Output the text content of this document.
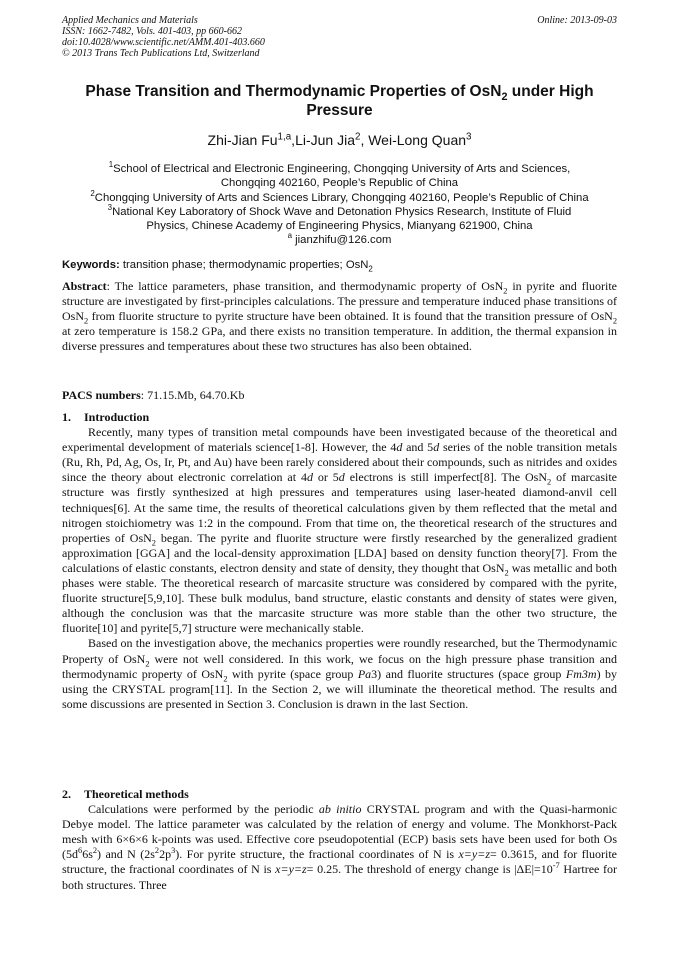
Applied Mechanics and Materials
ISSN: 1662-7482, Vols. 401-403, pp 660-662
doi:10.4028/www.scientific.net/AMM.401-403.660
© 2013 Trans Tech Publications Ltd, Switzerland
Online: 2013-09-03
Phase Transition and Thermodynamic Properties of OsN$_2$ under High Pressure
Zhi-Jian Fu$^{1,a}$,Li-Jun Jia$^2$, Wei-Long Quan$^3$
$^1$School of Electrical and Electronic Engineering, Chongqing University of Arts and Sciences,
Chongqing 402160, People’s Republic of China
$^2$Chongqing University of Arts and Sciences Library, Chongqing 402160, People’s Republic of China
$^3$National Key Laboratory of Shock Wave and Detonation Physics Research, Institute of Fluid
Physics, Chinese Academy of Engineering Physics, Mianyang 621900, China
$^a$ jianzhifu@126.com
Keywords: transition phase; thermodynamic properties; OsN$_2$
Abstract: The lattice parameters, phase transition, and thermodynamic property of OsN$_2$ in pyrite and fluorite structure are investigated by first-principles calculations. The pressure and temperature induced phase transitions of OsN$_2$ from fluorite structure to pyrite structure have been obtained. It is found that the transition pressure of OsN$_2$ at zero temperature is 158.2 GPa, and there exists no transition temperature. In addition, the thermal expansion in diverse pressures and temperatures about these two structures has also been obtained.
PACS numbers: 71.15.Mb, 64.70.Kb
1. Introduction

Recently, many types of transition metal compounds have been investigated because of the theoretical and experimental development of materials science[1-8]. However, the 4d and 5d series of the noble transition metals (Ru, Rh, Pd, Ag, Os, Ir, Pt, and Au) have been rarely considered about their compounds, such as nitrides and oxides since the theory about electronic correlation at 4d or 5d electrons is still imperfect[8]. The OsN$_2$ of marcasite structure was firstly synthesized at high pressures and temperatures using laser-heated diamond-anvil cell techniques[6]. At the same time, the results of theoretical calculations given by them reflected that the metal and nitrogen stoichiometry was 1:2 in the compound. From that time on, the theoretical research of the structures and properties of OsN$_2$ began. The pyrite and fluorite structure were firstly researched by the generalized gradient approximation [GGA] and the local-density approximation [LDA] based on density function theory[7]. From the calculations of elastic constants, electron density and state of density, they thought that OsN$_2$ was metallic and both phases were stable. The theoretical research of marcasite structure was considered by compared with the pyrite, fluorite structure[5,9,10]. These bulk modulus, band structure, elastic constants and density of states were given, although the conclusion was that the marcasite structure was more stable than the other two structure, the fluorite[10] and pyrite[5,7] structure were mechanically stable.

Based on the investigation above, the mechanics properties were roundly researched, but the Thermodynamic Property of OsN$_2$ were not well considered. In this work, we focus on the high pressure phase transition and thermodynamic property of OsN$_2$ with pyrite (space group Pa3) and fluorite structures (space group Fm3m) by using the CRYSTAL program[11]. In the Section 2, we will illuminate the theoretical method. The results and some discussions are presented in Section 3. Conclusion is drawn in the last Section.

2. Theoretical methods

Calculations were performed by the periodic ab initio CRYSTAL program and with the Quasi-harmonic Debye model. The lattice parameter was calculated by the relation of energy and volume. The Monkhorst-Pack mesh with 6×6×6 k-points was used. Effective core pseudopotential (ECP) basis sets have been used for both Os $(5d^66s^2)$ and N $(2s^22p^3)$. For pyrite structure, the fractional coordinates of N is x=y=z= 0.3615, and for fluorite structure, the fractional coordinates of N is x=y=z= 0.25. The threshold of energy change is $|\Delta E|=10^{-7}$ Hartree for both structures. Three
